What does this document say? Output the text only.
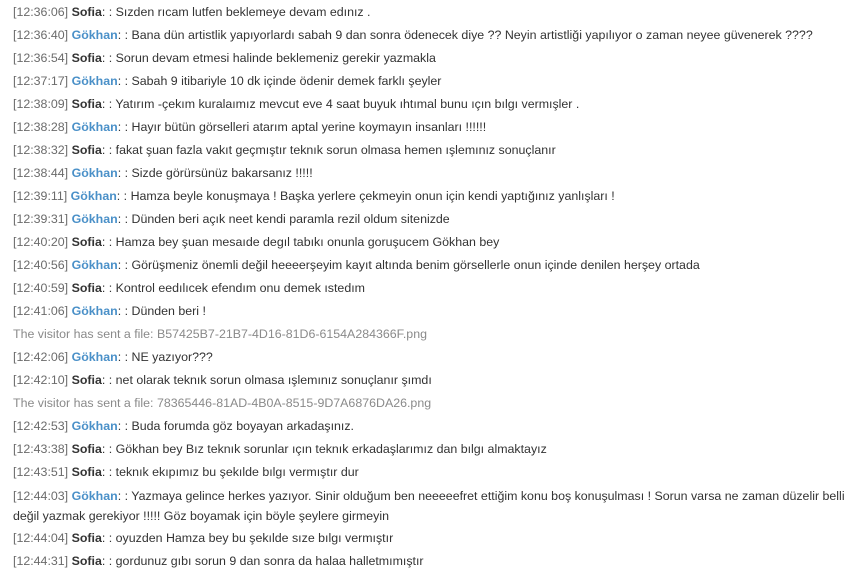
[12:36:06] Sofia: : Sızden rıcam lutfen beklemeye devam edınız .
[12:36:40] Gökhan: : Bana dün artistlik yapıyorlardı sabah 9 dan sonra ödenecek diye ?? Neyin artistliği yapılıyor o zaman neyee güvenerek ????
[12:36:54] Sofia: : Sorun devam etmesi halinde beklemeniz gerekir yazmakla
[12:37:17] Gökhan: : Sabah 9 itibariyle 10 dk içinde ödenir demek farklı şeyler
[12:38:09] Sofia: : Yatırım -çekım kuralaımız mevcut eve 4 saat buyuk ıhtımal bunu ıçın bılgı vermışler .
[12:38:28] Gökhan: : Hayır bütün görselleri atarım aptal yerine koymayın insanları !!!!!!
[12:38:32] Sofia: : fakat şuan fazla vakıt geçmıştır teknık sorun olmasa hemen ışlemınız sonuçlanır
[12:38:44] Gökhan: : Sizde görürsünüz bakarsanız !!!!!
[12:39:11] Gökhan: : Hamza beyle konuşmaya ! Başka yerlere çekmeyin onun için kendi yaptığınız yanlışları !
[12:39:31] Gökhan: : Dünden beri açık neet kendi paramla rezil oldum sitenizde
[12:40:20] Sofia: : Hamza bey şuan mesaıde degıl tabıkı onunla goruşucem Gökhan bey
[12:40:56] Gökhan: : Görüşmeniz önemli değil heeeerşeyim kayıt altında benim görsellerle onun içinde denilen herşey ortada
[12:40:59] Sofia: : Kontrol eedılıcek efendım onu demek ıstedım
[12:41:06] Gökhan: : Dünden beri !
The visitor has sent a file: B57425B7-21B7-4D16-81D6-6154A284366F.png
[12:42:06] Gökhan: : NE yazıyor???
[12:42:10] Sofia: : net olarak teknık sorun olmasa ışlemınız sonuçlanır şımdı
The visitor has sent a file: 78365446-81AD-4B0A-8515-9D7A6876DA26.png
[12:42:53] Gökhan: : Buda forumda göz boyayan arkadaşınız.
[12:43:38] Sofia: : Gökhan bey Bız teknık sorunlar ıçın teknık erkadaşlarımız dan bılgı almaktayız
[12:43:51] Sofia: : teknık ekıpımız bu şekılde bılgı vermıştır dur
[12:44:03] Gökhan: : Yazmaya gelince herkes yazıyor. Sinir olduğum ben neeeeefret ettiğim konu boş konuşulması ! Sorun varsa ne zaman düzelir belli değil yazmak gerekiyor !!!!! Göz boyamak için böyle şeylere girmeyin
[12:44:04] Sofia: : oyuzden Hamza bey bu şekılde sıze bılgı vermıştır
[12:44:31] Sofia: : gordunuz gıbı sorun 9 dan sonra da halaa halletmımıştır
